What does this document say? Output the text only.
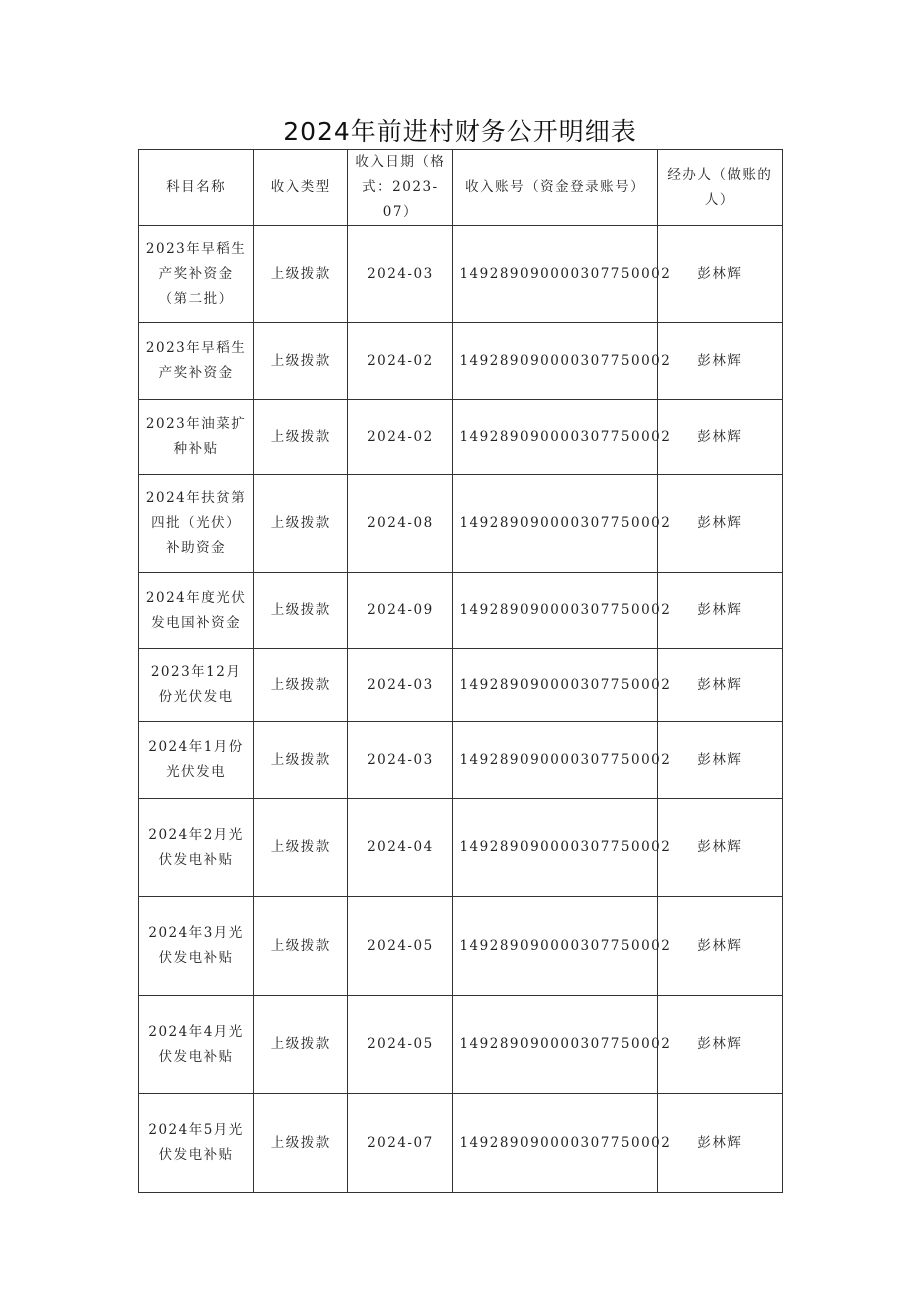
2024年前进村财务公开明细表
科目名称	收入类型	收入日期（格式：2023-07）	收入账号（资金登录账号）	经办人（做账的人）
2023年早稻生产奖补资金（第二批）	上级拨款	2024-03	149289090000307750002	彭林辉
2023年早稻生产奖补资金	上级拨款	2024-02	149289090000307750002	彭林辉
2023年油菜扩种补贴	上级拨款	2024-02	149289090000307750002	彭林辉
2024年扶贫第四批（光伏）补助资金	上级拨款	2024-08	149289090000307750002	彭林辉
2024年度光伏发电国补资金	上级拨款	2024-09	149289090000307750002	彭林辉
2023年12月份光伏发电	上级拨款	2024-03	149289090000307750002	彭林辉
2024年1月份光伏发电	上级拨款	2024-03	149289090000307750002	彭林辉
2024年2月光伏发电补贴	上级拨款	2024-04	149289090000307750002	彭林辉
2024年3月光伏发电补贴	上级拨款	2024-05	149289090000307750002	彭林辉
2024年4月光伏发电补贴	上级拨款	2024-05	149289090000307750002	彭林辉
2024年5月光伏发电补贴	上级拨款	2024-07	149289090000307750002	彭林辉
